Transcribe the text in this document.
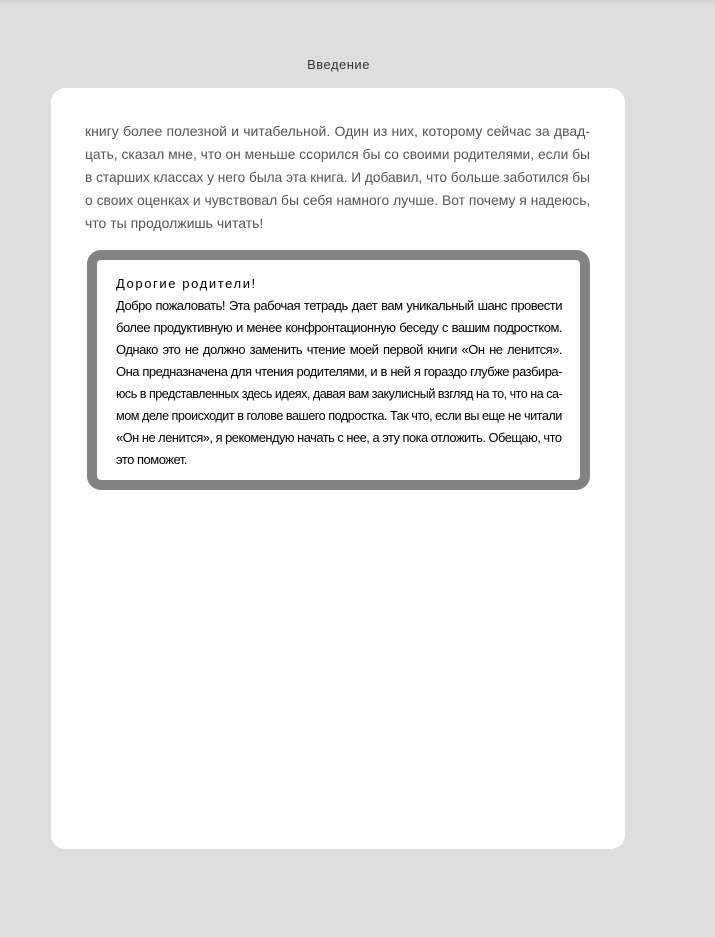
Введение
книгу более полезной и читабельной. Один из них, которому сейчас за двад-
цать, сказал мне, что он меньше ссорился бы со своими родителями, если бы
в старших классах у него была эта книга. И добавил, что больше заботился бы
о своих оценках и чувствовал бы себя намного лучше. Вот почему я надеюсь,
что ты продолжишь читать!
Дорогие родители!
Добро пожаловать! Эта рабочая тетрадь дает вам уникальный шанс провести
более продуктивную и менее конфронтационную беседу с вашим подростком.
Однако это не должно заменить чтение моей первой книги «Он не ленится».
Она предназначена для чтения родителями, и в ней я гораздо глубже разбира-
юсь в представленных здесь идеях, давая вам закулисный взгляд на то, что на са-
мом деле происходит в голове вашего подростка. Так что, если вы еще не читали
«Он не ленится», я рекомендую начать с нее, а эту пока отложить. Обещаю, что
это поможет.
